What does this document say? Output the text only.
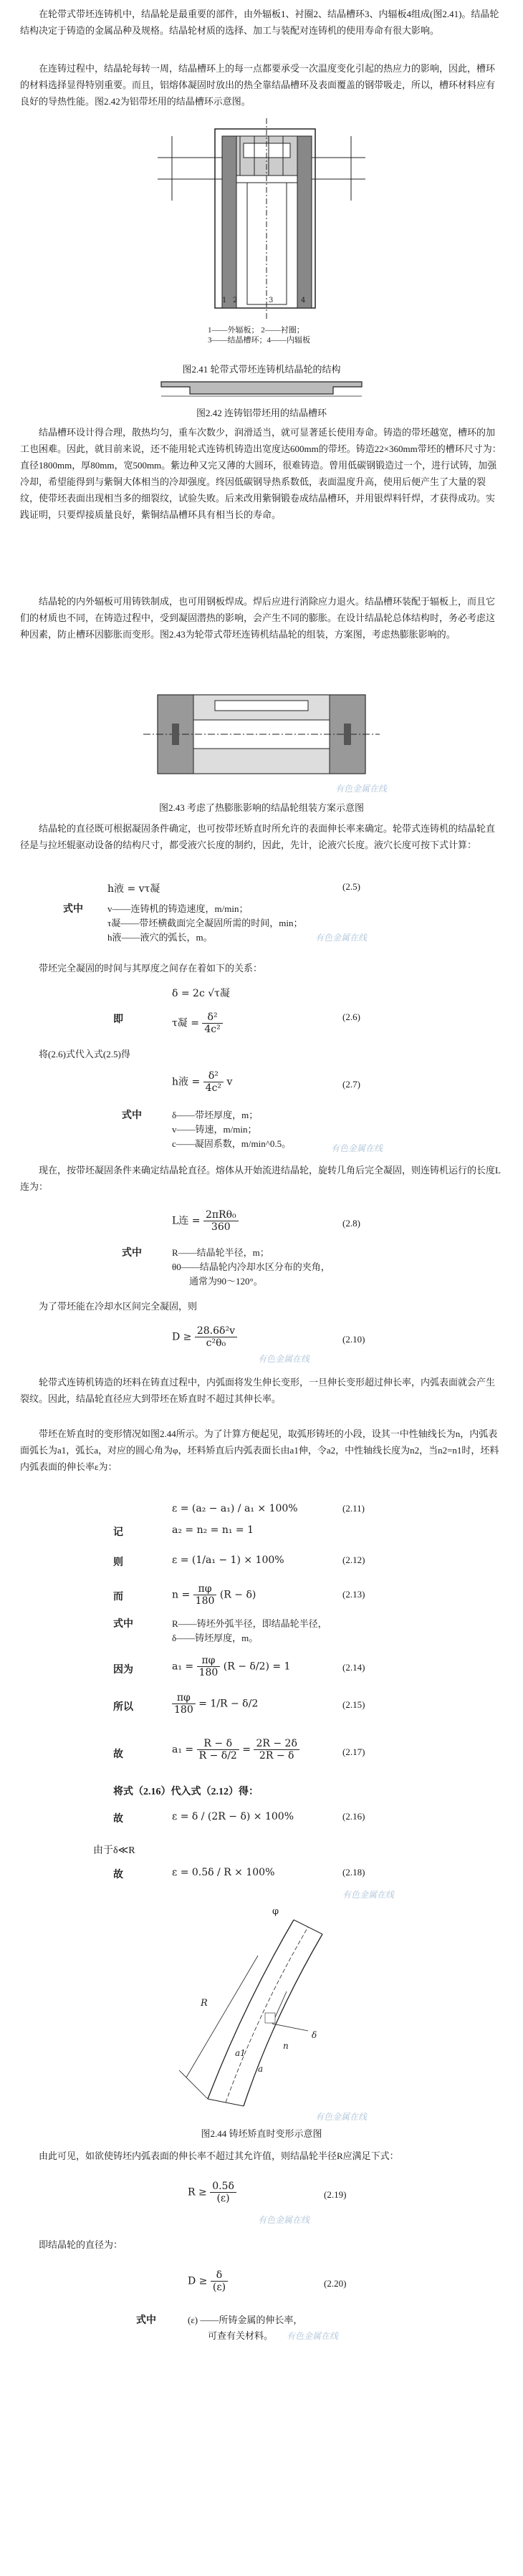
在轮带式带坯连铸机中，结晶轮是最重要的部件，由外辐板1、衬圈2、结晶槽环3、内辐板4组成(图2.41)。结晶轮结构决定于铸造的金属品种及规格。结晶轮材质的选择、加工与装配对连铸机的使用寿命有很大影响。

在连铸过程中，结晶轮每转一周，结晶槽环上的每一点都要承受一次温度变化引起的热应力的影响，因此，槽环的材料选择显得特别重要。而且，铝熔体凝固时放出的热全靠结晶槽环及表面覆盖的钢带吸走，所以，槽环材料应有良好的导热性能。图2.42为铝带坯用的结晶槽环示意图。

1 2	3	4
1——外辐板； 2——衬圈；
3——结晶槽环；4——内辐板
图2.41 轮带式带坯连铸机结晶轮的结构
图2.42 连铸铝带坯用的结晶槽环

结晶槽环设计得合理，散热均匀，重车次数少，润滑适当，就可显著延长使用寿命。铸造的带坯越宽，槽环的加工也困难。因此，就目前来说，还不能用轮式连铸机铸造出宽度达600mm的带坯。铸造22×360mm带坯的槽环尺寸为：直径1800mm，厚80mm，宽500mm。紫边种又完又薄的大圆环，很难铸造。曾用低碳钢锻造过一个，进行试铸，加强冷却，希望能得到与紫铜大体相当的冷却强度。终因低碳钢导热系数低，表面温度升高，使用后便产生了大量的裂纹，使带坯表面出现相当多的细裂纹，试验失败。后来改用紫铜锻卷成结晶槽环，并用银焊料钎焊，才获得成功。实践证明，只要焊接质量良好，紫铜结晶槽环具有相当长的寿命。

结晶轮的内外辐板可用铸铁制成，也可用钢板焊成。焊后应进行消除应力退火。结晶槽环装配于辐板上，而且它们的材质也不同，在铸造过程中，受到凝固潜热的影响，会产生不同的膨胀。在设计结晶轮总体结构时，务必考虑这种因素，防止槽环因膨胀而变形。图2.43为轮带式带坯连铸机结晶轮的组装，方案图，考虑热膨胀影响的。

有色金属在线
图2.43 考虑了热膨胀影响的结晶轮组装方案示意图

结晶轮的直径既可根据凝固条件确定，也可按带坯矫直时所允许的表面伸长率来确定。轮带式连铸机的结晶轮直径是与拉坯辊驱动设备的结构尺寸，都受液穴长度的制约，因此，先计，论液穴长度。液穴长度可按下式计算：

h液 = vτ凝	(2.5)
式中	v——连铸机的铸造速度，m/min；
τ凝——带坯横截面完全凝固所需的时间，min；
h液——液穴的弧长，m。	有色金属在线

带坯完全凝固的时间与其厚度之间存在着如下的关系：

δ = 2c √τ凝
即	τ凝 = $\frac{\text{δ²}}{\text{4c²}}$	(2.6)

将(2.6)式代入式(2.5)得

h液 = $\frac{\text{δ²}}{\text{4c²}}$ v	(2.7)
式中	δ——带坯厚度，m；
v——铸速，m/min；
c——凝固系数，m/min^0.5。	有色金属在线

现在，按带坯凝固条件来确定结晶轮直径。熔体从开始流进结晶轮，旋转几角后完全凝固，则连铸机运行的长度L连为：

L连 = $\frac{\text{2πRθ₀}}{360}$	(2.8)
式中	R——结晶轮半径，m；
θ0——结晶轮内冷却水区分布的夹角，
通常为90～120°。

为了带坯能在冷却水区间完全凝固，则

$D \ge \frac{\text{28.6δ²v}}{\text{c²θ₀}}$	(2.10)
有色金属在线

轮带式连铸机铸造的坯料在铸直过程中，内弧面将发生伸长变形，一旦伸长变形超过伸长率，内弧表面就会产生裂纹。因此，结晶轮直径应大到带坯在矫直时不超过其伸长率。

带坯在矫直时的变形情况如图2.44所示。为了计算方便起见，取弧形铸坯的小段，设其一中性轴线长为n，内弧表面弧长为a1，弧长a，对应的圆心角为φ，坯料矫直后内弧表面长由a1伸，令a2，中性轴线长度为n2，当n2=n1时，坯料内弧表面的伸长率ε为：

ε = (a₂ − a₁) / a₁ × 100%	(2.11)
记	a₂ = n₂ = n₁ = 1
则	ε = (1/a₁ − 1) × 100%	(2.12)
而	$n = \frac{\pi\varphi}{180} (R - \delta)$	(2.13)
式中	R——铸坯外弧半径，即结晶轮半径，
δ——铸坯厚度，m。
因为	$a_1 = \frac{\pi\varphi}{180} (R - \delta/2) = 1$	(2.14)
所以	$\frac{\pi\varphi}{180} = 1/R - \delta/2$	(2.15)
故	$a_1 = \frac{R - \delta}{R - \delta/2} = \frac{2R - 2\delta}{2R - \delta}$	(2.17)
将式（2.16）代入式（2.12）得：
故	ε = δ / (2R − δ) × 100%	(2.16)
由于δ≪R
故	ε = 0.5δ / R × 100%	(2.18)
有色金属在线
φ
R
a1
a
n
δ
有色金属在线
图2.44 铸坯矫直时变形示意图

由此可见，如欲使铸坯内弧表面的伸长率不超过其允许值，则结晶轮半径R应满足下式：

$R \ge \frac{0.5\delta}{(\varepsilon)}$	(2.19)
有色金属在线

即结晶轮的直径为：

$D \ge \frac{\delta}{(\varepsilon)}$	(2.20)
式中	(ε) ——所铸金属的伸长率，
可查有关材料。 有色金属在线
